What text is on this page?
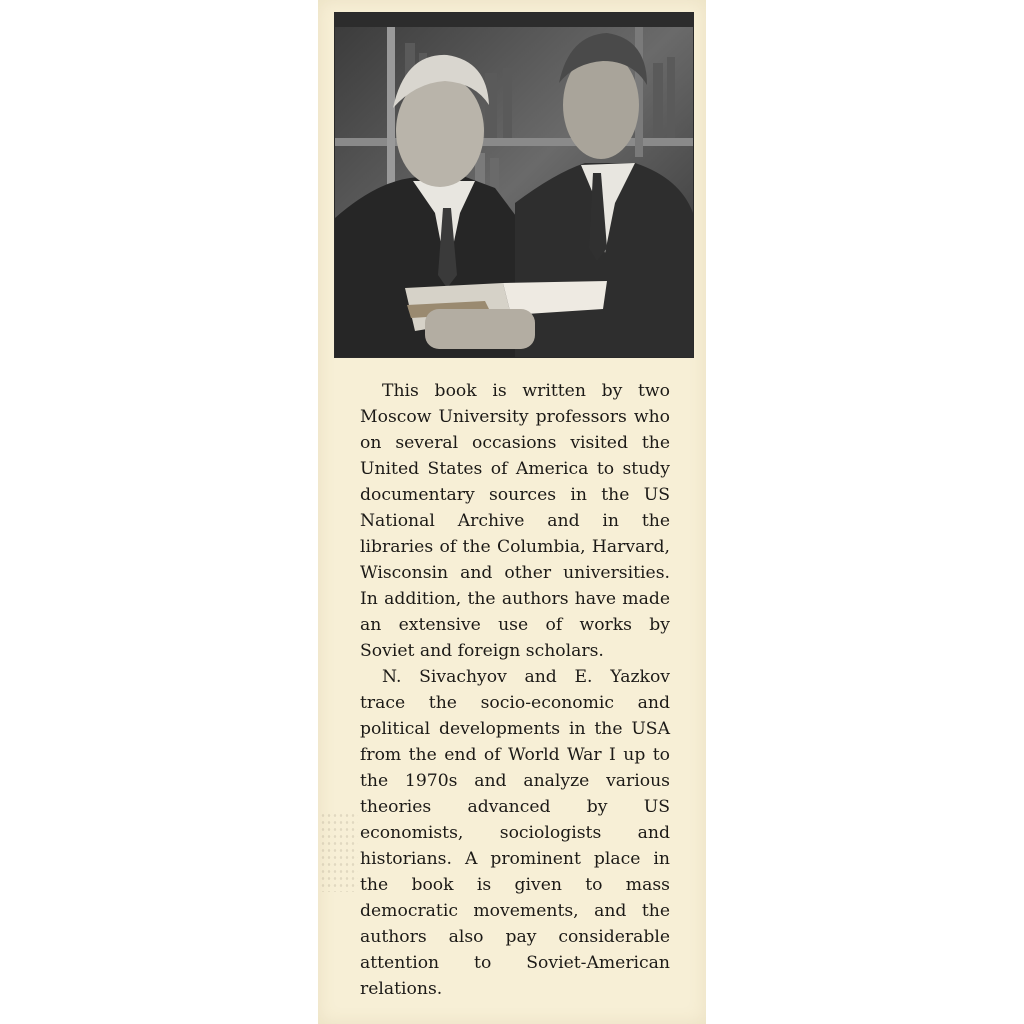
This book is written by two Moscow University professors who on several occasions visited the United States of America to study documentary sources in the US National Archive and in the libraries of the Columbia, Harvard, Wisconsin and other universities. In addition, the authors have made an extensive use of works by Soviet and foreign scholars.

N. Sivachyov and E. Yazkov trace the socio-economic and political developments in the USA from the end of World War I up to the 1970s and analyze various theories advanced by US economists, sociologists and historians. A prominent place in the book is given to mass democratic movements, and the authors also pay considerable attention to Soviet-American relations.
